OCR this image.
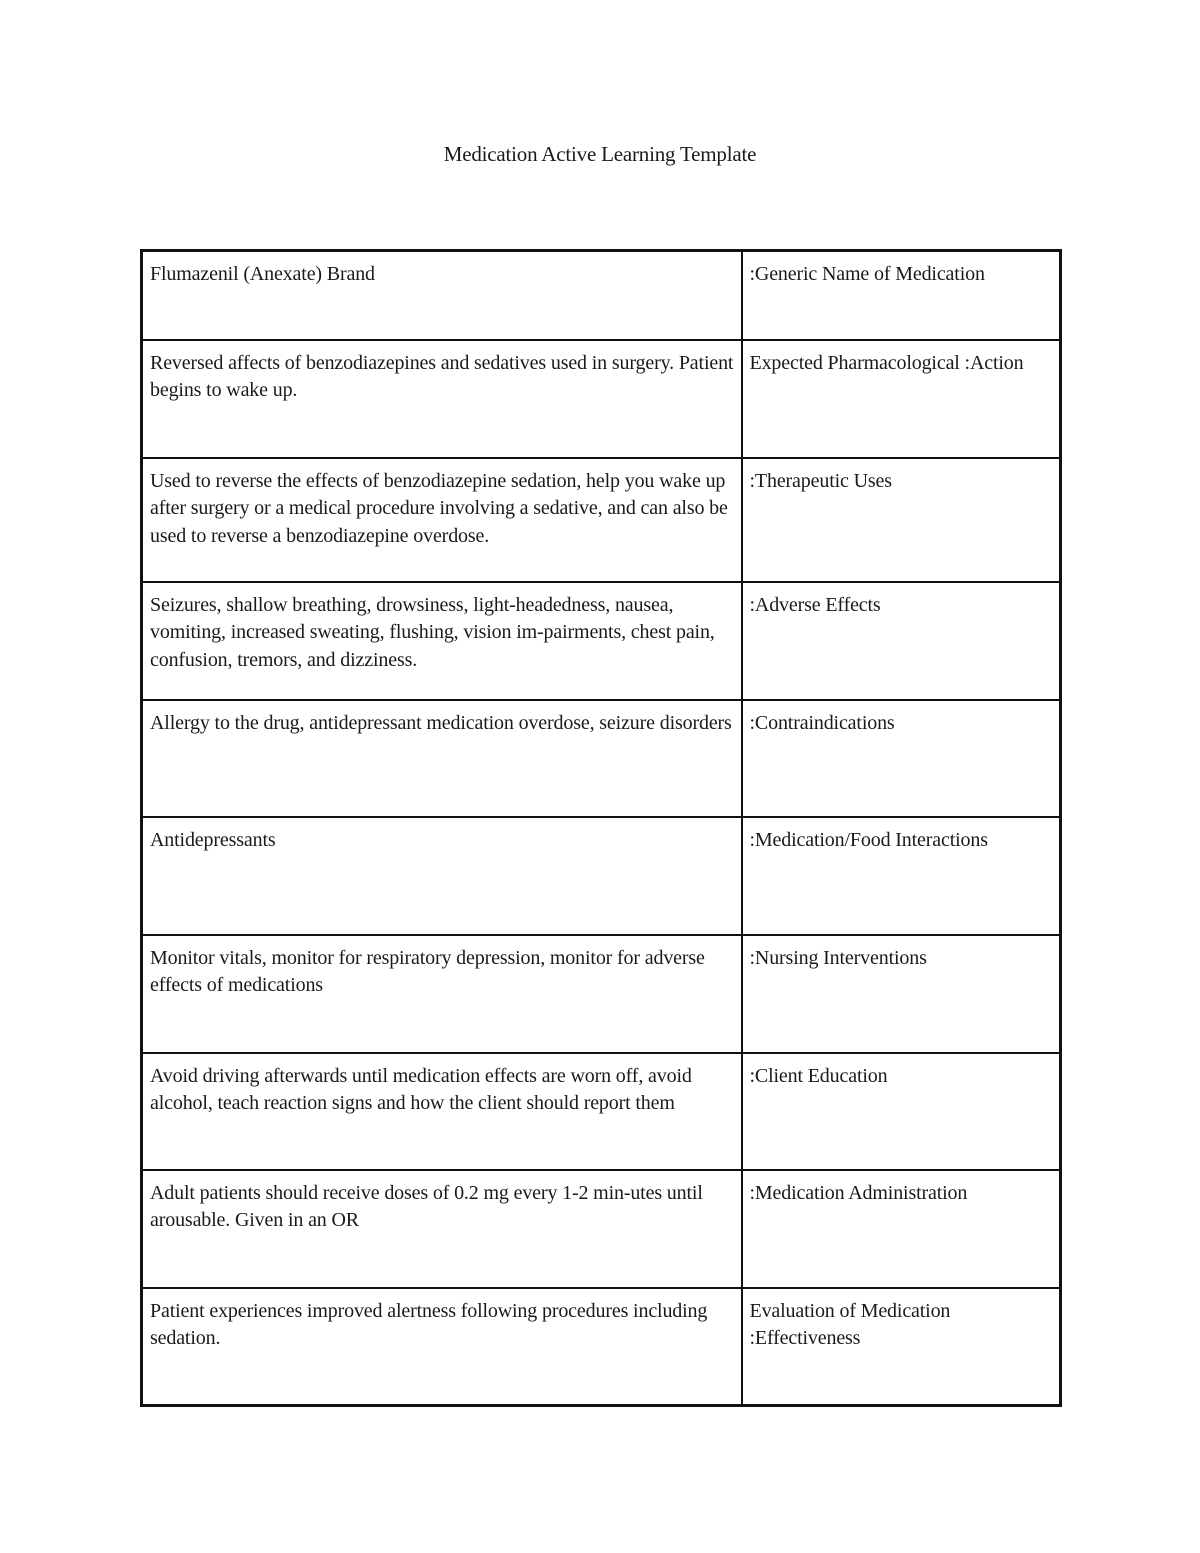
Medication Active Learning Template
Flumazenil (Anexate) Brand	:Generic Name of Medication
Reversed affects of benzodiazepines and sedatives used in surgery. Patient begins to wake up.	Expected Pharmacological :Action
Used to reverse the effects of benzodiazepine sedation, help you wake up after surgery or a medical procedure involving a sedative, and can also be used to reverse a benzodiazepine overdose.	:Therapeutic Uses
Seizures, shallow breathing, drowsiness, light-headedness, nausea, vomiting, increased sweating, flushing, vision im-pairments, chest pain, confusion, tremors, and dizziness.	:Adverse Effects
Allergy to the drug, antidepressant medication overdose, seizure disorders	:Contraindications
Antidepressants	:Medication/Food Interactions
Monitor vitals, monitor for respiratory depression, monitor for adverse effects of medications	:Nursing Interventions
Avoid driving afterwards until medication effects are worn off, avoid alcohol, teach reaction signs and how the client should report them	:Client Education
Adult patients should receive doses of 0.2 mg every 1-2 min-utes until arousable. Given in an OR	:Medication Administration
Patient experiences improved alertness following procedures including sedation.	Evaluation of Medication :Effectiveness
